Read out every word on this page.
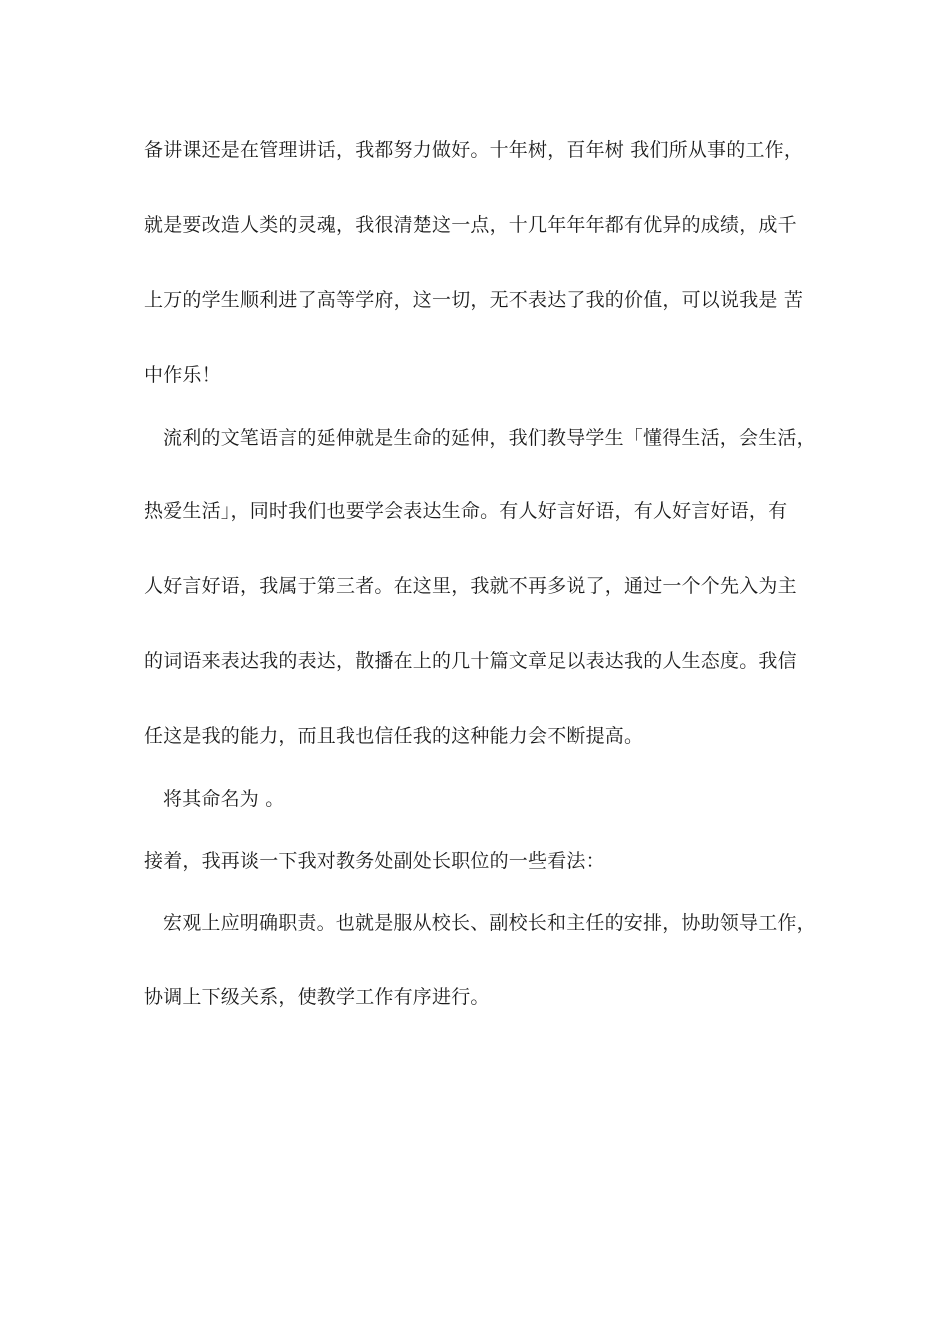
备讲课还是在管理讲话，我都努力做好。十年树，百年树 我们所从事的工作，
就是要改造人类的灵魂，我很清楚这一点，十几年年年都有优异的成绩，成千
上万的学生顺利进了高等学府，这一切，无不表达了我的价值，可以说我是 苦
中作乐！
流利的文笔语言的延伸就是生命的延伸，我们教导学生「懂得生活，会生活，
热爱生活」，同时我们也要学会表达生命。有人好言好语，有人好言好语，有
人好言好语，我属于第三者。在这里，我就不再多说了，通过一个个先入为主
的词语来表达我的表达，散播在上的几十篇文章足以表达我的人生态度。我信
任这是我的能力，而且我也信任我的这种能力会不断提高。
将其命名为 。
接着，我再谈一下我对教务处副处长职位的一些看法：
宏观上应明确职责。也就是服从校长、副校长和主任的安排，协助领导工作，
协调上下级关系，使教学工作有序进行。
